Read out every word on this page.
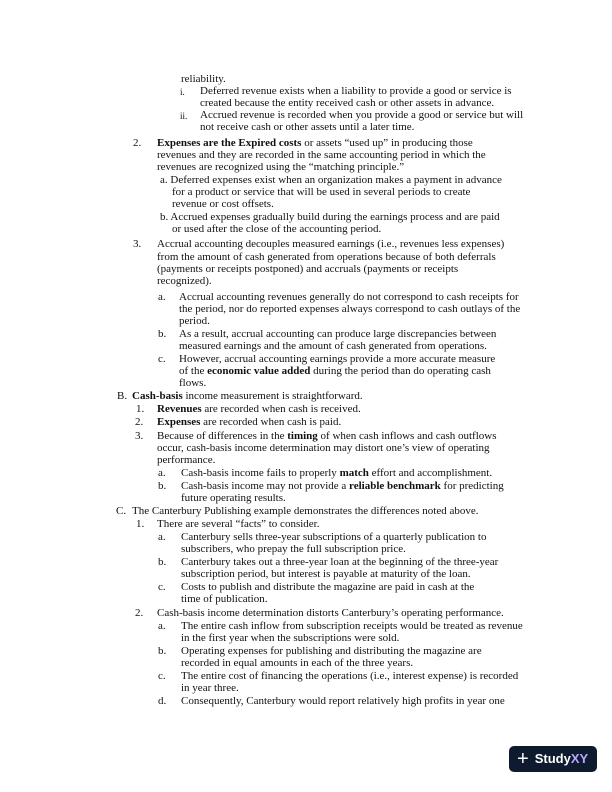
reliability.
i. Deferred revenue exists when a liability to provide a good or service is
created because the entity received cash or other assets in advance.
ii. Accrued revenue is recorded when you provide a good or service but will
not receive cash or other assets until a later time.
2. Expenses are the Expired costs or assets “used up” in producing those
revenues and they are recorded in the same accounting period in which the
revenues are recognized using the “matching principle.”
a. Deferred expenses exist when an organization makes a payment in advance
for a product or service that will be used in several periods to create
revenue or cost offsets.
b. Accrued expenses gradually build during the earnings process and are paid
or used after the close of the accounting period.
3. Accrual accounting decouples measured earnings (i.e., revenues less expenses)
from the amount of cash generated from operations because of both deferrals
(payments or receipts postponed) and accruals (payments or receipts
recognized).
a. Accrual accounting revenues generally do not correspond to cash receipts for
the period, nor do reported expenses always correspond to cash outlays of the
period.
b. As a result, accrual accounting can produce large discrepancies between
measured earnings and the amount of cash generated from operations.
c. However, accrual accounting earnings provide a more accurate measure
of the economic value added during the period than do operating cash
flows.
B. Cash-basis income measurement is straightforward.
1. Revenues are recorded when cash is received.
2. Expenses are recorded when cash is paid.
3. Because of differences in the timing of when cash inflows and cash outflows
occur, cash-basis income determination may distort one’s view of operating
performance.
a. Cash-basis income fails to properly match effort and accomplishment.
b. Cash-basis income may not provide a reliable benchmark for predicting
future operating results.
C. The Canterbury Publishing example demonstrates the differences noted above.
1. There are several “facts” to consider.
a. Canterbury sells three-year subscriptions of a quarterly publication to
subscribers, who prepay the full subscription price.
b. Canterbury takes out a three-year loan at the beginning of the three-year
subscription period, but interest is payable at maturity of the loan.
c. Costs to publish and distribute the magazine are paid in cash at the
time of publication.
2. Cash-basis income determination distorts Canterbury’s operating performance.
a. The entire cash inflow from subscription receipts would be treated as revenue
in the first year when the subscriptions were sold.
b. Operating expenses for publishing and distributing the magazine are
recorded in equal amounts in each of the three years.
c. The entire cost of financing the operations (i.e., interest expense) is recorded
in year three.
d. Consequently, Canterbury would report relatively high profits in year one
+ Study XY
